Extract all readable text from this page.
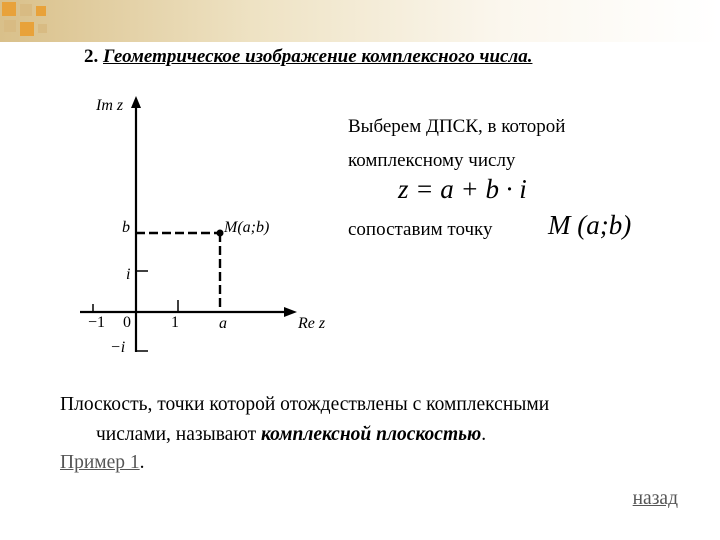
2. Геометрическое изображение комплексного числа.
Im z
Re z
b	M(a;b)
i
−1 0	1	a
−i
Выберем ДПСК, в которой
комплексному числу
z = a + b · i
сопоставим точку M (a;b)
Плоскость, точки которой отождествлены с комплексными
числами, называют комплексной плоскостью.
Пример 1.
назад
